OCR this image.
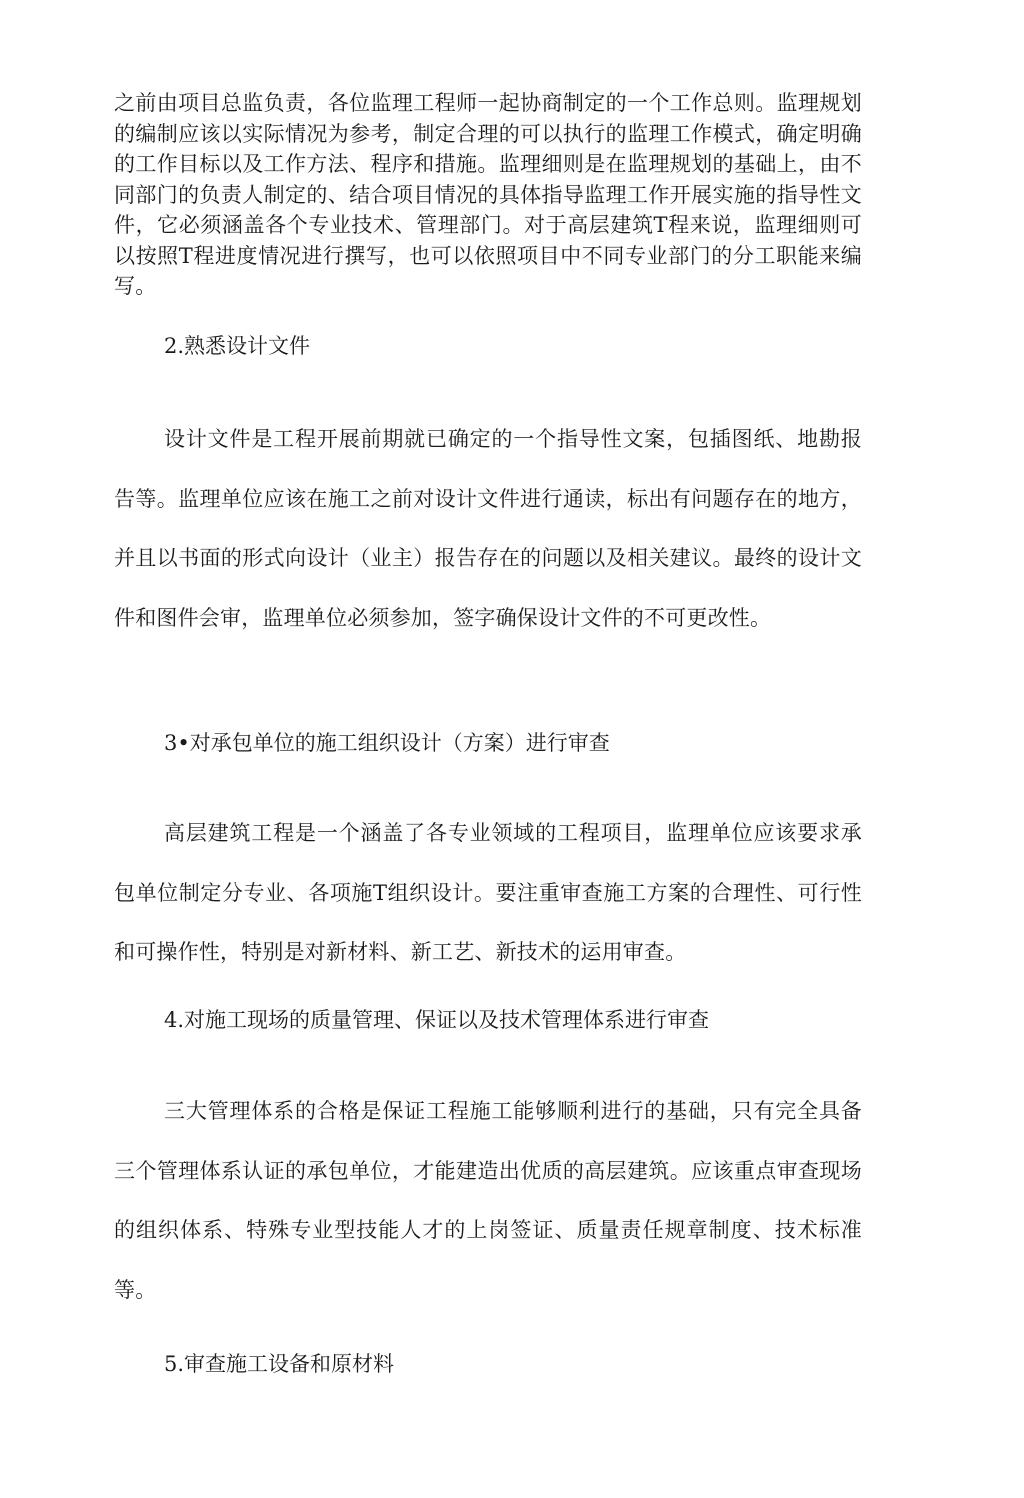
之前由项目总监负责，各位监理工程师一起协商制定的一个工作总则。监理规划的编制应该以实际情况为参考，制定合理的可以执行的监理工作模式，确定明确的工作目标以及工作方法、程序和措施。监理细则是在监理规划的基础上，由不同部门的负责人制定的、结合项目情况的具体指导监理工作开展实施的指导性文件，它必须涵盖各个专业技术、管理部门。对于高层建筑T程来说，监理细则可以按照T程进度情况进行撰写，也可以依照项目中不同专业部门的分工职能来编写。

2.熟悉设计文件

设计文件是工程开展前期就已确定的一个指导性文案，包插图纸、地勘报告等。监理单位应该在施工之前对设计文件进行通读，标出有问题存在的地方，并且以书面的形式向设计（业主）报告存在的问题以及相关建议。最终的设计文件和图件会审，监理单位必须参加，签字确保设计文件的不可更改性。

3•对承包单位的施工组织设计（方案）进行审查

高层建筑工程是一个涵盖了各专业领域的工程项目，监理单位应该要求承包单位制定分专业、各项施T组织设计。要注重审查施工方案的合理性、可行性和可操作性，特别是对新材料、新工艺、新技术的运用审查。

4.对施工现场的质量管理、保证以及技术管理体系进行审查

三大管理体系的合格是保证工程施工能够顺利进行的基础，只有完全具备三个管理体系认证的承包单位，才能建造出优质的高层建筑。应该重点审查现场的组织体系、特殊专业型技能人才的上岗签证、质量责任规章制度、技术标准等。

5.审查施工设备和原材料
